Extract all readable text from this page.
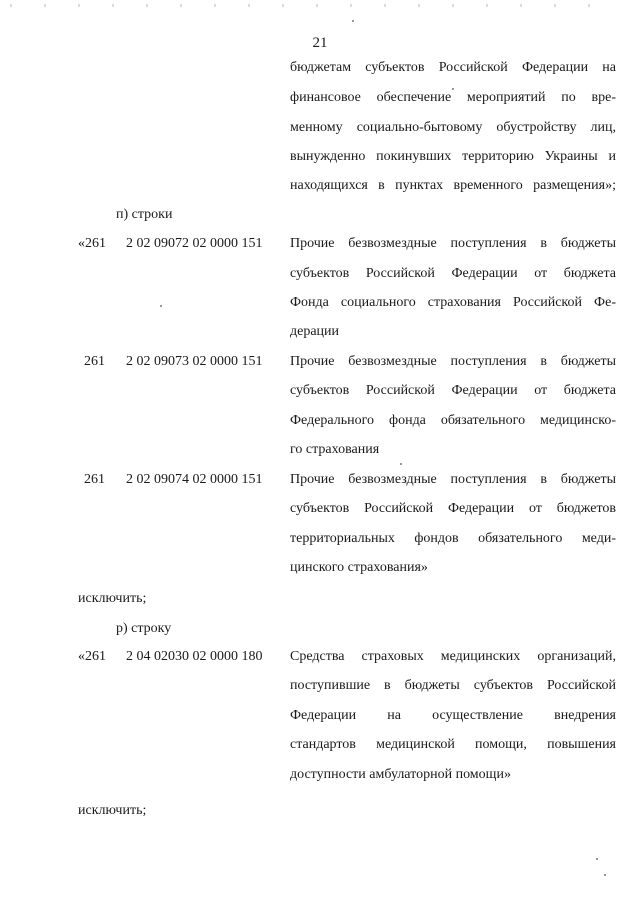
21
бюджетам субъектов Российской Федерации на
финансовое обеспечение мероприятий по вре-
менному социально-бытовому обустройству лиц,
вынужденно покинувших территорию Украины и
находящихся в пунктах временного размещения»;
п) строки
«261 2 02 09072 02 0000 151 Прочие безвозмездные поступления в бюджеты
субъектов Российской Федерации от бюджета
Фонда социального страхования Российской Фе-
дерации
261 2 02 09073 02 0000 151 Прочие безвозмездные поступления в бюджеты
субъектов Российской Федерации от бюджета
Федерального фонда обязательного медицинско-
го страхования
261 2 02 09074 02 0000 151 Прочие безвозмездные поступления в бюджеты
субъектов Российской Федерации от бюджетов
территориальных фондов обязательного меди-
цинского страхования»
исключить;
р) строку
«261 2 04 02030 02 0000 180 Средства страховых медицинских организаций,
поступившие в бюджеты субъектов Российской
Федерации на осуществление внедрения
стандартов медицинской помощи, повышения
доступности амбулаторной помощи»
исключить;
